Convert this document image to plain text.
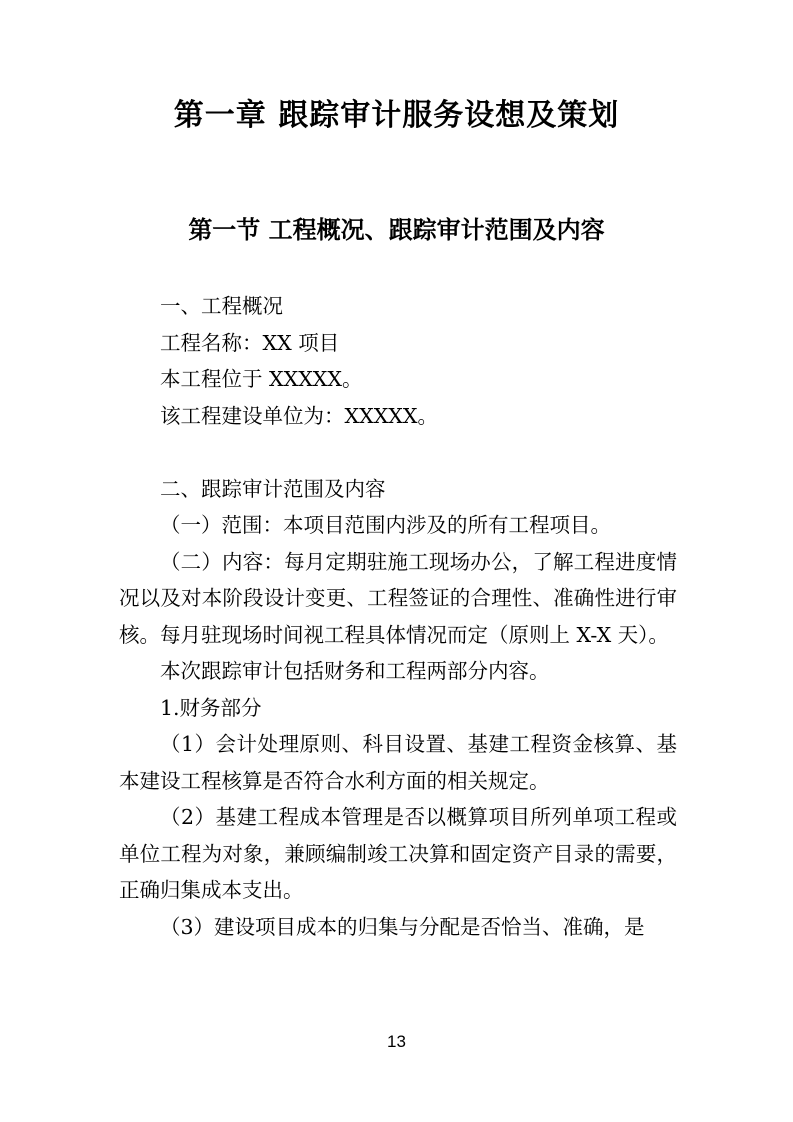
第一章 跟踪审计服务设想及策划
第一节 工程概况、跟踪审计范围及内容

一、工程概况

工程名称：XX 项目

本工程位于 XXXXX。

该工程建设单位为：XXXXX。

二、跟踪审计范围及内容

（一）范围：本项目范围内涉及的所有工程项目。

（二）内容：每月定期驻施工现场办公，了解工程进度情况以及对本阶段设计变更、工程签证的合理性、准确性进行审核。每月驻现场时间视工程具体情况而定（原则上 X-X 天）。

本次跟踪审计包括财务和工程两部分内容。

1.财务部分

（1）会计处理原则、科目设置、基建工程资金核算、基本建设工程核算是否符合水利方面的相关规定。

（2）基建工程成本管理是否以概算项目所列单项工程或单位工程为对象，兼顾编制竣工决算和固定资产目录的需要，正确归集成本支出。

（3）建设项目成本的归集与分配是否恰当、准确，是

13
